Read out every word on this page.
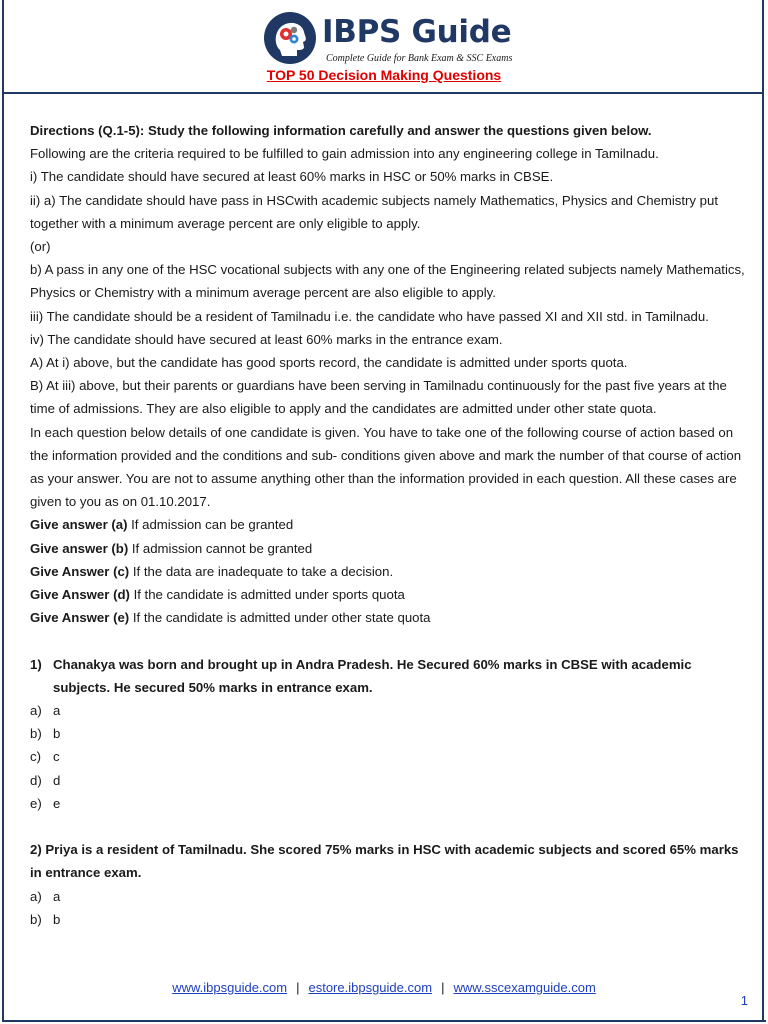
IBPS Guide
Complete Guide for Bank Exam & SSC Exams
TOP 50 Decision Making Questions

Directions (Q.1-5): Study the following information carefully and answer the questions given below.

Following are the criteria required to be fulfilled to gain admission into any engineering college in Tamilnadu.

i) The candidate should have secured at least 60% marks in HSC or 50% marks in CBSE.

ii) a) The candidate should have pass in HSCwith academic subjects namely Mathematics, Physics and Chemistry put together with a minimum average percent are only eligible to apply.

(or)

b) A pass in any one of the HSC vocational subjects with any one of the Engineering related subjects namely Mathematics, Physics or Chemistry with a minimum average percent are also eligible to apply.

iii) The candidate should be a resident of Tamilnadu i.e. the candidate who have passed XI and XII std. in Tamilnadu.

iv) The candidate should have secured at least 60% marks in the entrance exam.

A) At i) above, but the candidate has good sports record, the candidate is admitted under sports quota.

B) At iii) above, but their parents or guardians have been serving in Tamilnadu continuously for the past five years at the time of admissions. They are also eligible to apply and the candidates are admitted under other state quota.

In each question below details of one candidate is given. You have to take one of the following course of action based on the information provided and the conditions and sub- conditions given above and mark the number of that course of action as your answer. You are not to assume anything other than the information provided in each question. All these cases are given to you as on 01.10.2017.

Give answer (a) If admission can be granted

Give answer (b) If admission cannot be granted

Give Answer (c) If the data are inadequate to take a decision.

Give Answer (d) If the candidate is admitted under sports quota

Give Answer (e) If the candidate is admitted under other state quota

1) Chanakya was born and brought up in Andra Pradesh. He Secured 60% marks in CBSE with academic subjects. He secured 50% marks in entrance exam.
a) a
b) b
c) c
d) d
e) e

2) Priya is a resident of Tamilnadu. She scored 75% marks in HSC with academic subjects and scored 65% marks in entrance exam.

a) a
b) b
www.ibpsguide.com | estore.ibpsguide.com | www.sscexamguide.com
1
